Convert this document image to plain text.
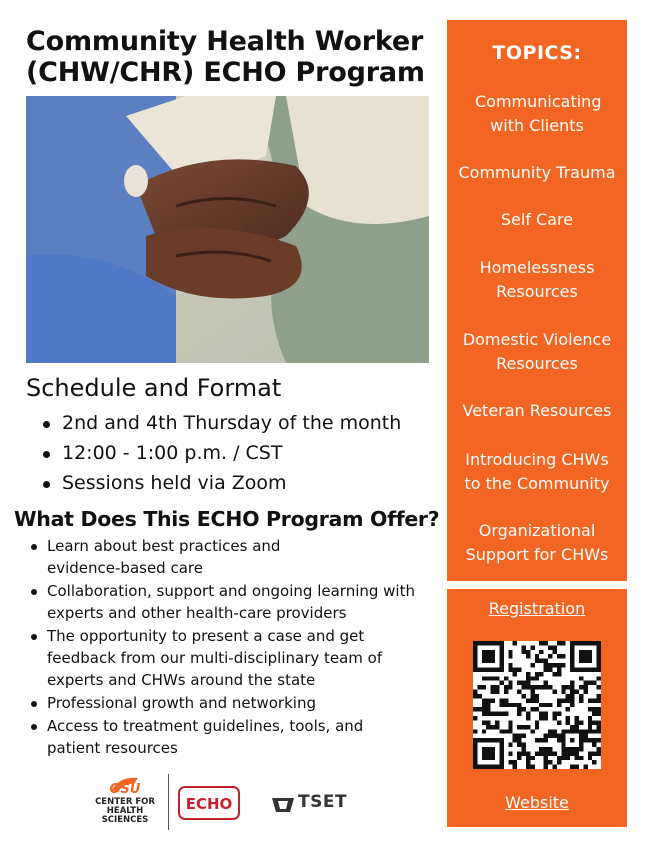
Community Health Worker
(CHW/CHR) ECHO Program
Schedule and Format
2nd and 4th Thursday of the month
12:00 - 1:00 p.m. / CST
Sessions held via Zoom
What Does This ECHO Program Offer?
Learn about best practices and evidence-based care
Collaboration, support and ongoing learning with experts and other health-care providers
The opportunity to present a case and get feedback from our multi-disciplinary team of experts and CHWs around the state
Professional growth and networking
Access to treatment guidelines, tools, and patient resources
OSU
CENTER FOR HEALTH SCIENCES
ECHO	TSET
TOPICS:
Communicating with Clients
Community Trauma
Self Care
Homelessness Resources
Domestic Violence Resources
Veteran Resources
Introducing CHWs to the Community
Organizational Support for CHWs
Registration
Website
